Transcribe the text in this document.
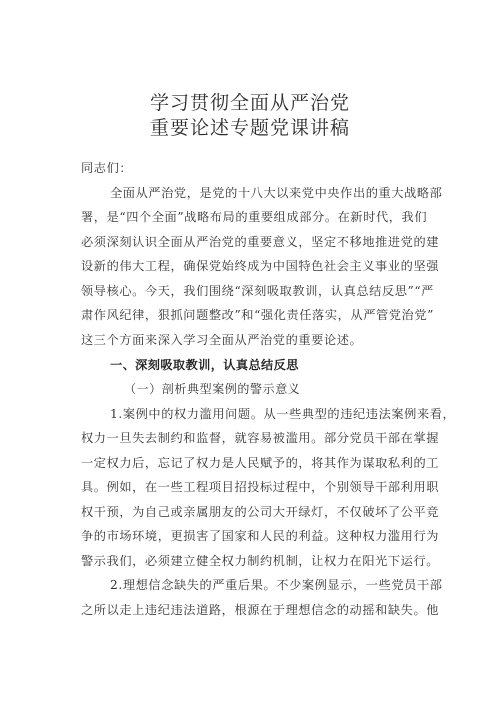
学习贯彻全面从严治党
重要论述专题党课讲稿
同志们：
全面从严治党，是党的十八大以来党中央作出的重大战略部
署，是“四个全面”战略布局的重要组成部分。在新时代，我们
必须深刻认识全面从严治党的重要意义，坚定不移地推进党的建
设新的伟大工程，确保党始终成为中国特色社会主义事业的坚强
领导核心。今天，我们围绕“深刻吸取教训，认真总结反思”“严
肃作风纪律，狠抓问题整改”和“强化责任落实，从严管党治党”
这三个方面来深入学习全面从严治党的重要论述。
一、深刻吸取教训，认真总结反思
（一）剖析典型案例的警示意义
1.案例中的权力滥用问题。从一些典型的违纪违法案例来看，
权力一旦失去制约和监督，就容易被滥用。部分党员干部在掌握
一定权力后，忘记了权力是人民赋予的，将其作为谋取私利的工
具。例如，在一些工程项目招投标过程中，个别领导干部利用职
权干预，为自己或亲属朋友的公司大开绿灯，不仅破坏了公平竞
争的市场环境，更损害了国家和人民的利益。这种权力滥用行为
警示我们，必须建立健全权力制约机制，让权力在阳光下运行。
2.理想信念缺失的严重后果。不少案例显示，一些党员干部
之所以走上违纪违法道路，根源在于理想信念的动摇和缺失。他
